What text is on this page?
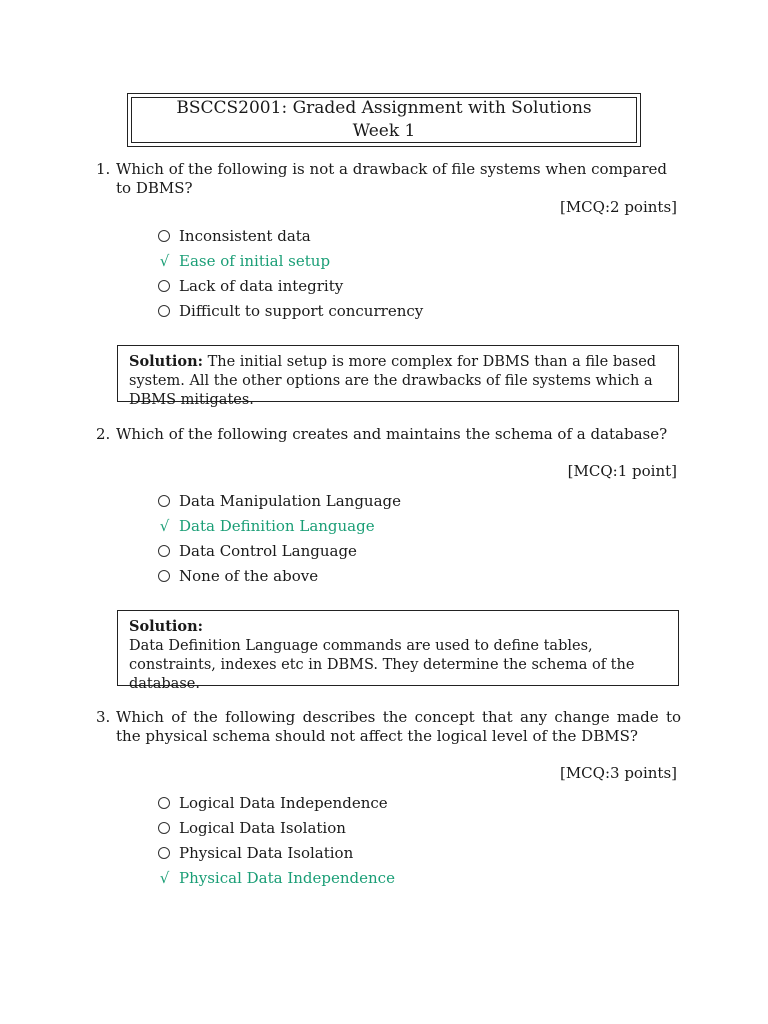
BSCCS2001: Graded Assignment with Solutions
Week 1
1. Which of the following is not a drawback of file systems when compared to DBMS?
[MCQ:2 points]
Inconsistent data
√ Ease of initial setup
Lack of data integrity
Difficult to support concurrency
Solution: The initial setup is more complex for DBMS than a file based system. All the other options are the drawbacks of file systems which a DBMS mitigates.
2. Which of the following creates and maintains the schema of a database?
[MCQ:1 point]
Data Manipulation Language
√ Data Definition Language
Data Control Language
None of the above
Solution:
Data Definition Language commands are used to define tables, constraints, indexes etc in DBMS. They determine the schema of the database.
3. Which of the following describes the concept that any change made to the physical schema should not affect the logical level of the DBMS?
[MCQ:3 points]
Logical Data Independence
Logical Data Isolation
Physical Data Isolation
√ Physical Data Independence
